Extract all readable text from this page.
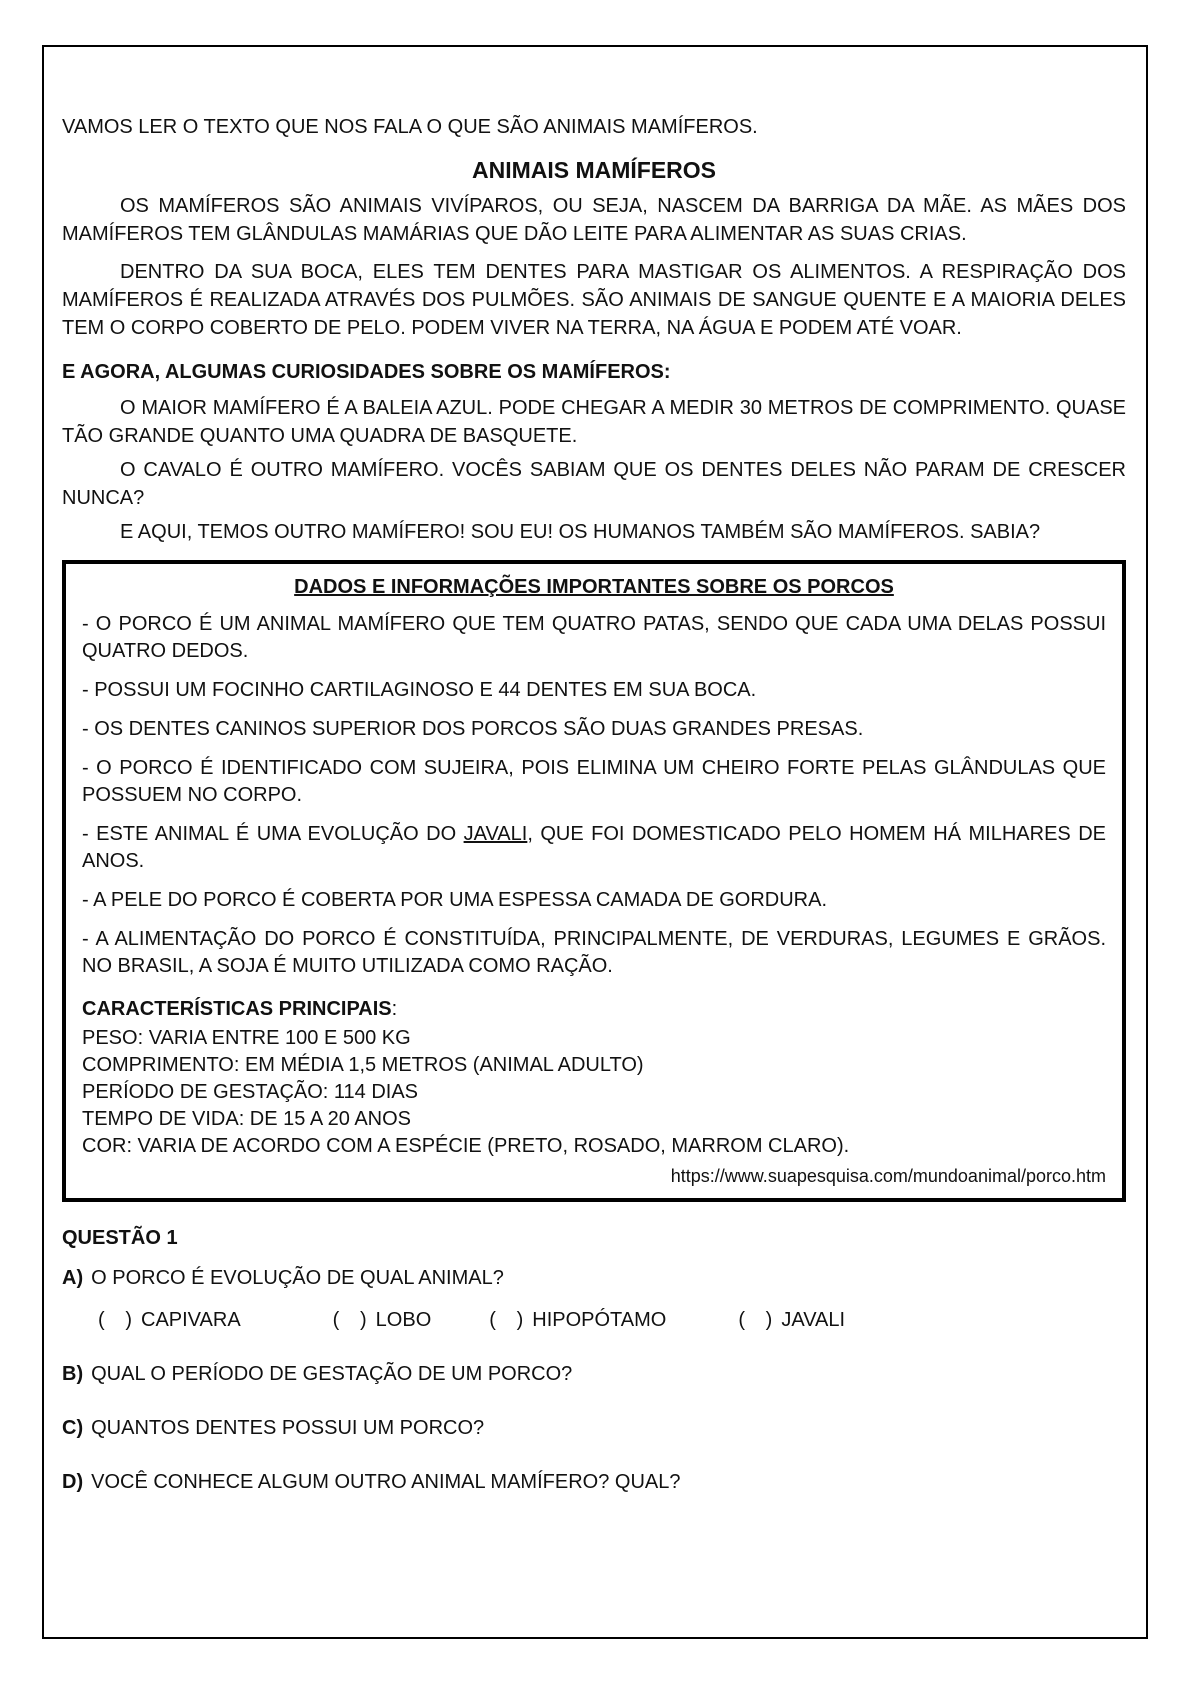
VAMOS LER O TEXTO QUE NOS FALA O QUE SÃO ANIMAIS MAMÍFEROS.

ANIMAIS MAMÍFEROS

OS MAMÍFEROS SÃO ANIMAIS VIVÍPAROS, OU SEJA, NASCEM DA BARRIGA DA MÃE. AS MÃES DOS MAMÍFEROS TEM GLÂNDULAS MAMÁRIAS QUE DÃO LEITE PARA ALIMENTAR AS SUAS CRIAS.

DENTRO DA SUA BOCA, ELES TEM DENTES PARA MASTIGAR OS ALIMENTOS. A RESPIRAÇÃO DOS MAMÍFEROS É REALIZADA ATRAVÉS DOS PULMÕES. SÃO ANIMAIS DE SANGUE QUENTE E A MAIORIA DELES TEM O CORPO COBERTO DE PELO. PODEM VIVER NA TERRA, NA ÁGUA E PODEM ATÉ VOAR.

E AGORA, ALGUMAS CURIOSIDADES SOBRE OS MAMÍFEROS:

O MAIOR MAMÍFERO É A BALEIA AZUL. PODE CHEGAR A MEDIR 30 METROS DE COMPRIMENTO. QUASE TÃO GRANDE QUANTO UMA QUADRA DE BASQUETE.

O CAVALO É OUTRO MAMÍFERO. VOCÊS SABIAM QUE OS DENTES DELES NÃO PARAM DE CRESCER NUNCA?

E AQUI, TEMOS OUTRO MAMÍFERO! SOU EU! OS HUMANOS TAMBÉM SÃO MAMÍFEROS. SABIA?

DADOS E INFORMAÇÕES IMPORTANTES SOBRE OS PORCOS

- O PORCO É UM ANIMAL MAMÍFERO QUE TEM QUATRO PATAS, SENDO QUE CADA UMA DELAS POSSUI QUATRO DEDOS.

- POSSUI UM FOCINHO CARTILAGINOSO E 44 DENTES EM SUA BOCA.

- OS DENTES CANINOS SUPERIOR DOS PORCOS SÃO DUAS GRANDES PRESAS.

- O PORCO É IDENTIFICADO COM SUJEIRA, POIS ELIMINA UM CHEIRO FORTE PELAS GLÂNDULAS QUE POSSUEM NO CORPO.

- ESTE ANIMAL É UMA EVOLUÇÃO DO JAVALI, QUE FOI DOMESTICADO PELO HOMEM HÁ MILHARES DE ANOS.

- A PELE DO PORCO É COBERTA POR UMA ESPESSA CAMADA DE GORDURA.

- A ALIMENTAÇÃO DO PORCO É CONSTITUÍDA, PRINCIPALMENTE, DE VERDURAS, LEGUMES E GRÃOS. NO BRASIL, A SOJA É MUITO UTILIZADA COMO RAÇÃO.

CARACTERÍSTICAS PRINCIPAIS:

PESO: VARIA ENTRE 100 E 500 KG

COMPRIMENTO: EM MÉDIA 1,5 METROS (ANIMAL ADULTO)

PERÍODO DE GESTAÇÃO: 114 DIAS

TEMPO DE VIDA: DE 15 A 20 ANOS

COR: VARIA DE ACORDO COM A ESPÉCIE (PRETO, ROSADO, MARROM CLARO).

https://www.suapesquisa.com/mundoanimal/porco.htm

QUESTÃO 1

A) O PORCO É EVOLUÇÃO DE QUAL ANIMAL?

(   ) CAPIVARA	(   ) LOBO	(   ) HIPOPÓTAMO	(   ) JAVALI

B) QUAL O PERÍODO DE GESTAÇÃO DE UM PORCO?

C) QUANTOS DENTES POSSUI UM PORCO?

D) VOCÊ CONHECE ALGUM OUTRO ANIMAL MAMÍFERO? QUAL?
